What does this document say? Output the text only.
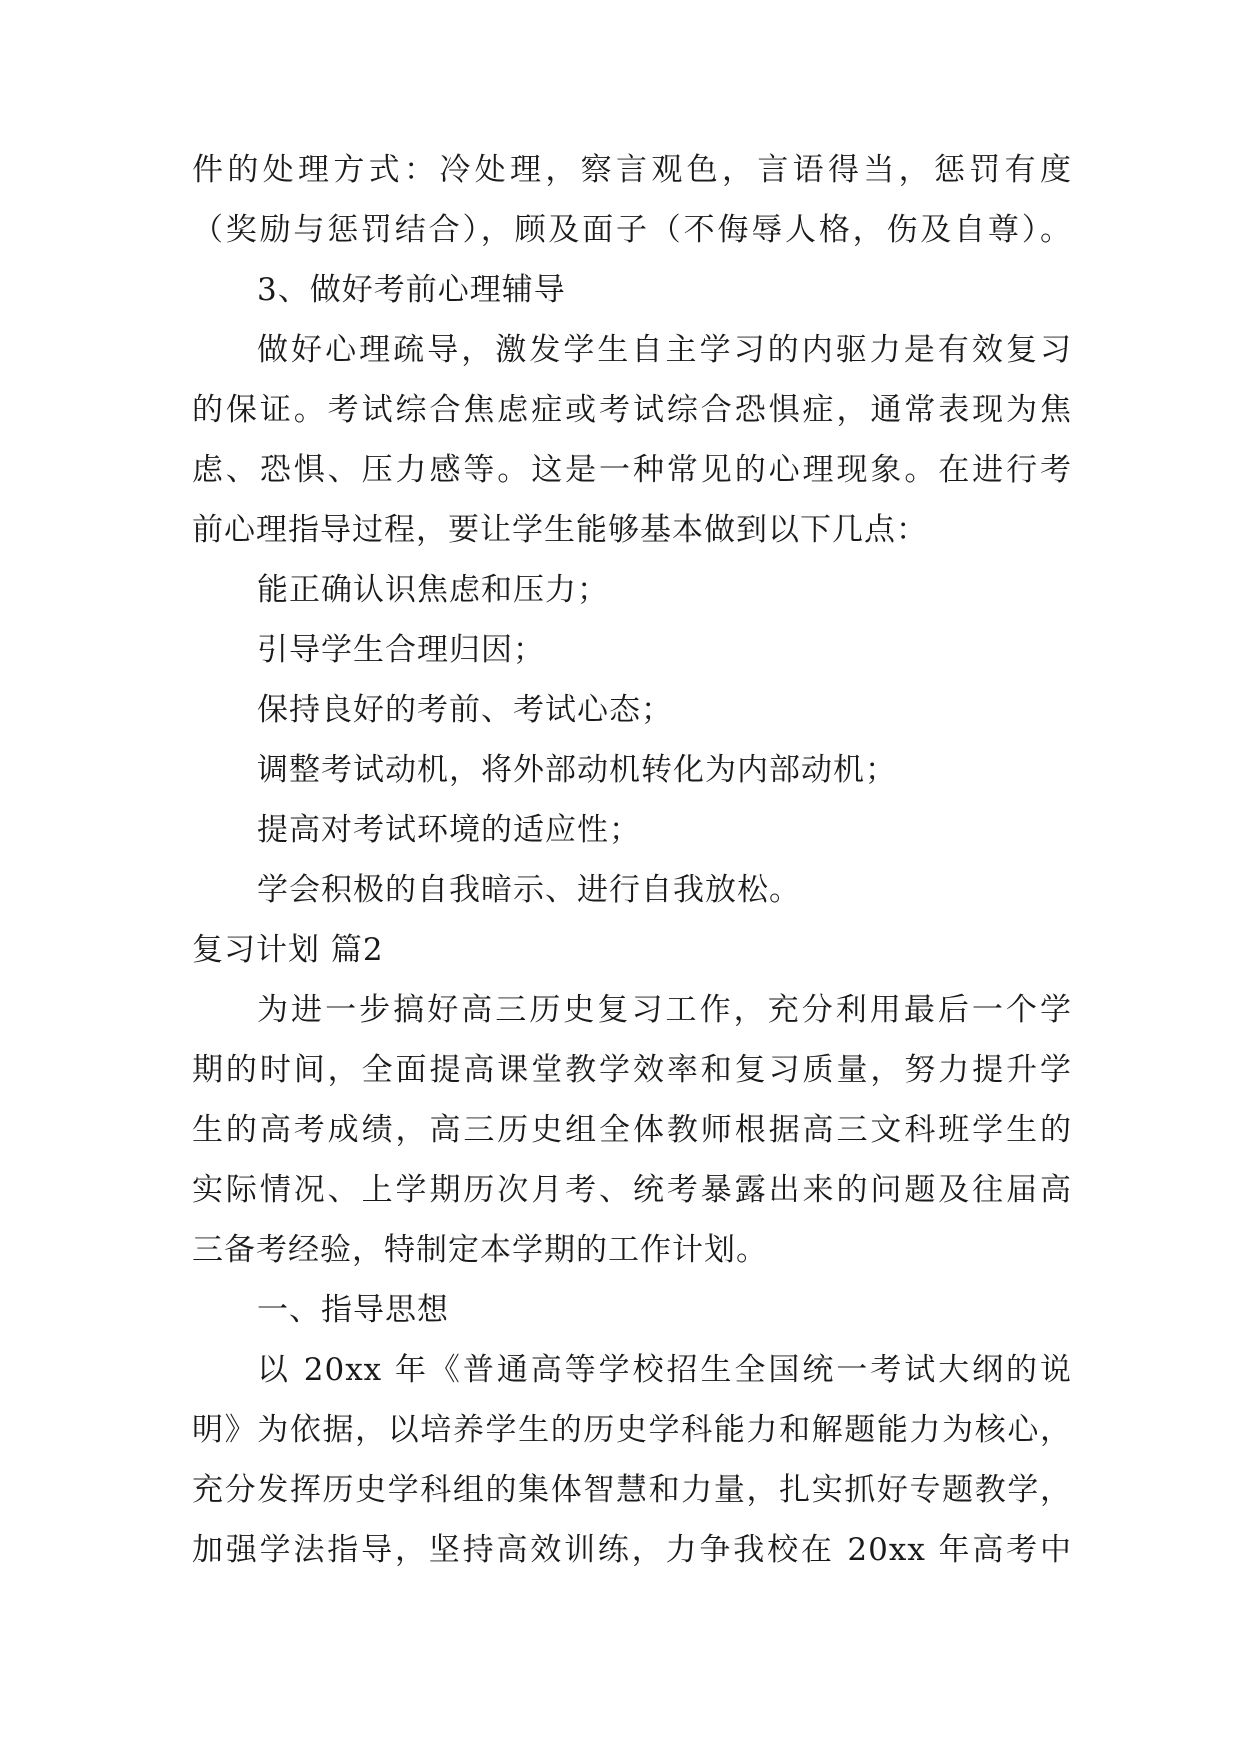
件的处理方式：冷处理，察言观色，言语得当，惩罚有度
（奖励与惩罚结合），顾及面子（不侮辱人格，伤及自尊）。
3、做好考前心理辅导
做好心理疏导，激发学生自主学习的内驱力是有效复习
的保证。考试综合焦虑症或考试综合恐惧症，通常表现为焦
虑、恐惧、压力感等。这是一种常见的心理现象。在进行考
前心理指导过程，要让学生能够基本做到以下几点：
能正确认识焦虑和压力；
引导学生合理归因；
保持良好的考前、考试心态；
调整考试动机，将外部动机转化为内部动机；
提高对考试环境的适应性；
学会积极的自我暗示、进行自我放松。
复习计划 篇2
为进一步搞好高三历史复习工作，充分利用最后一个学
期的时间，全面提高课堂教学效率和复习质量，努力提升学
生的高考成绩，高三历史组全体教师根据高三文科班学生的
实际情况、上学期历次月考、统考暴露出来的问题及往届高
三备考经验，特制定本学期的工作计划。
一、指导思想
以 20xx 年《普通高等学校招生全国统一考试大纲的说
明》为依据，以培养学生的历史学科能力和解题能力为核心，
充分发挥历史学科组的集体智慧和力量，扎实抓好专题教学，
加强学法指导，坚持高效训练，力争我校在 20xx 年高考中
